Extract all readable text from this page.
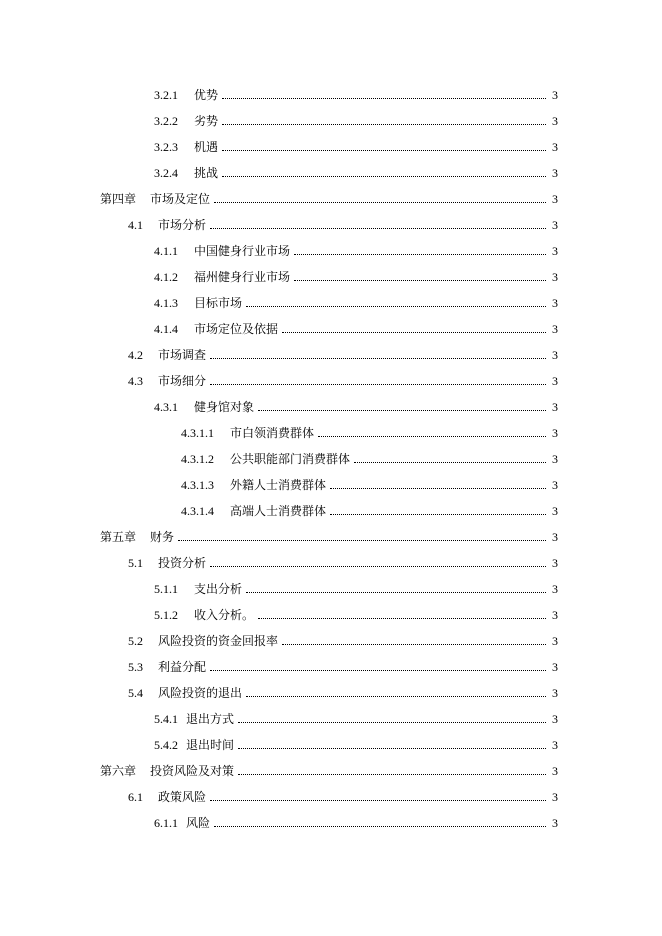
3.2.1	优势	3
3.2.2	劣势	3
3.2.3	机遇	3
3.2.4	挑战	3
第四章	市场及定位	3
4.1	市场分析	3
4.1.1	中国健身行业市场	3
4.1.2	福州健身行业市场	3
4.1.3	目标市场	3
4.1.4	市场定位及依据	3
4.2	市场调查	3
4.3	市场细分	3
4.3.1	健身馆对象	3
4.3.1.1	市白领消费群体	3
4.3.1.2	公共职能部门消费群体	3
4.3.1.3	外籍人士消费群体	3
4.3.1.4	高端人士消费群体	3
第五章	财务	3
5.1	投资分析	3
5.1.1	支出分析	3
5.1.2	收入分析。	3
5.2	风险投资的资金回报率	3
5.3	利益分配	3
5.4	风险投资的退出	3
5.4.1 退出方式	3
5.4.2 退出时间	3
第六章	投资风险及对策	3
6.1	政策风险	3
6.1.1 风险	3
